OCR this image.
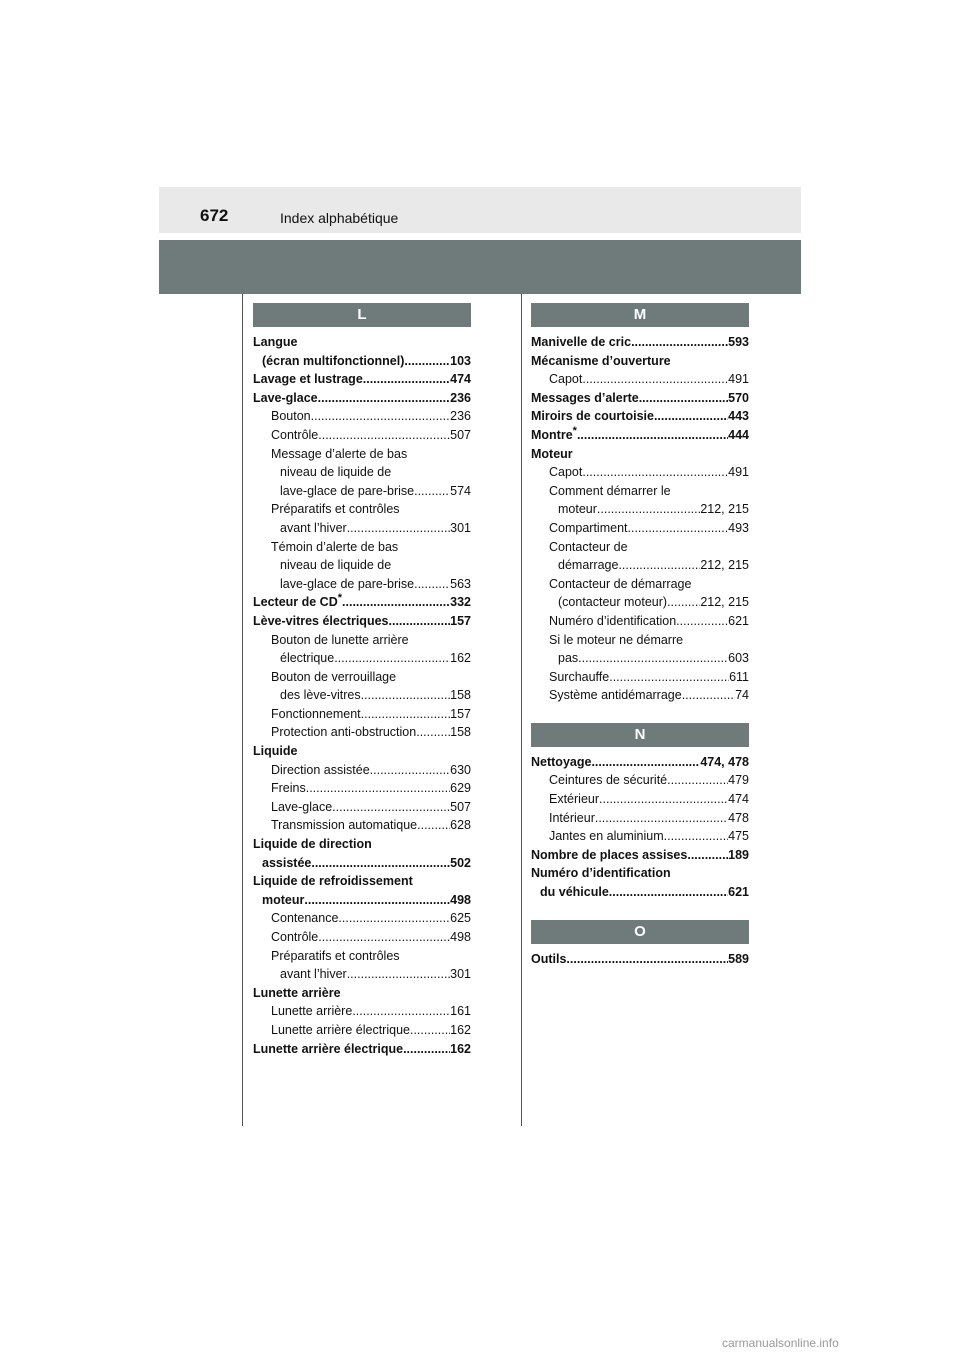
672	Index alphabétique
L
Langue
(écran multifonctionnel) .....	103
Lavage et lustrage .....	474
Lave-glace .....	236
Bouton .....	236
Contrôle .....	507
Message d’alerte de bas
niveau de liquide de
lave-glace de pare-brise .....	574
Préparatifs et contrôles
avant l’hiver .....	301
Témoin d’alerte de bas
niveau de liquide de
lave-glace de pare-brise .....	563
Lecteur de CD* .....	332
Lève-vitres électriques .....	157
Bouton de lunette arrière
électrique .....	162
Bouton de verrouillage
des lève-vitres .....	158
Fonctionnement .....	157
Protection anti-obstruction .....	158
Liquide
Direction assistée .....	630
Freins .....	629
Lave-glace .....	507
Transmission automatique .....	628
Liquide de direction
assistée .....	502
Liquide de refroidissement
moteur .....	498
Contenance .....	625
Contrôle .....	498
Préparatifs et contrôles
avant l’hiver .....	301
Lunette arrière
Lunette arrière .....	161
Lunette arrière électrique .....	162
Lunette arrière électrique .....	162
M
Manivelle de cric .....	593
Mécanisme d’ouverture
Capot .....	491
Messages d’alerte .....	570
Miroirs de courtoisie .....	443
Montre* .....	444
Moteur
Capot .....	491
Comment démarrer le
moteur .....	212, 215
Compartiment .....	493
Contacteur de
démarrage .....	212, 215
Contacteur de démarrage
(contacteur moteur) .....	212, 215
Numéro d’identification .....	621
Si le moteur ne démarre
pas .....	603
Surchauffe .....	611
Système antidémarrage .....	74
N
Nettoyage .....	474, 478
Ceintures de sécurité .....	479
Extérieur .....	474
Intérieur .....	478
Jantes en aluminium .....	475
Nombre de places assises .....	189
Numéro d’identification
du véhicule .....	621
O
Outils .....	589
carmanualsonline.info
